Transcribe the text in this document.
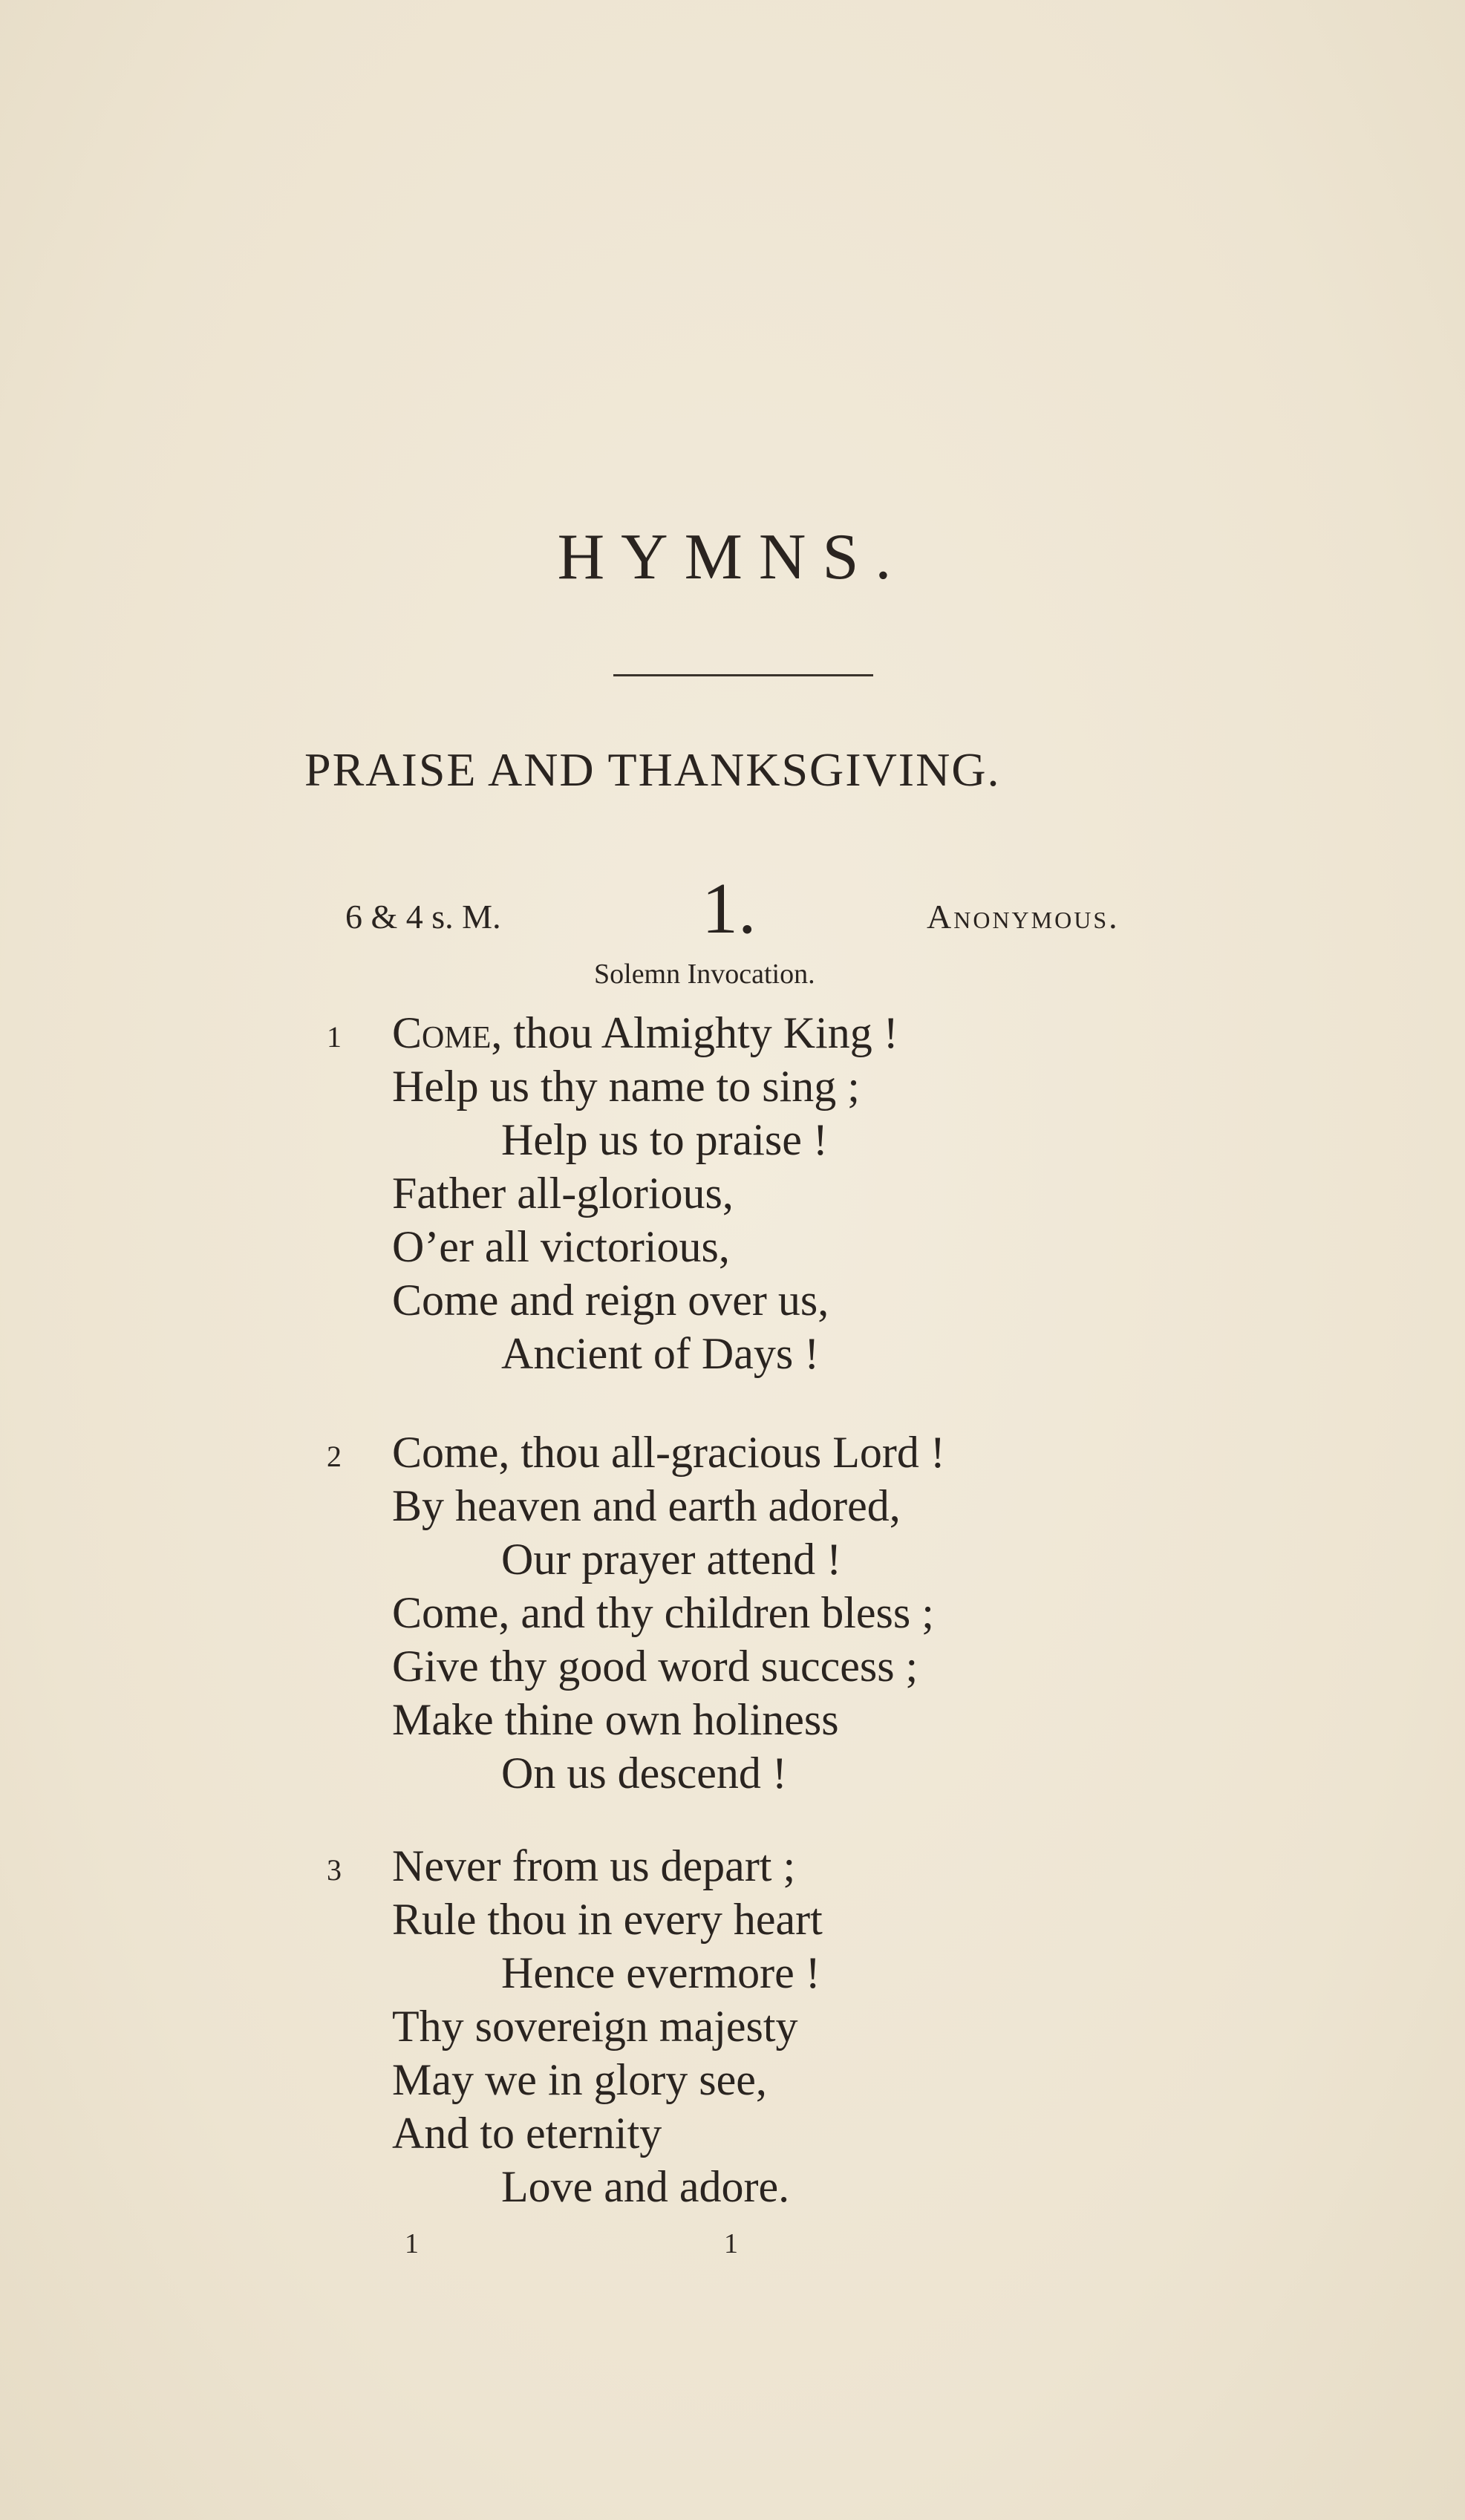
HYMNS.
PRAISE AND THANKSGIVING.
6 & 4 s. M.	1.	Anonymous.
Solemn Invocation.
1 Come, thou Almighty King !
Help us thy name to sing ;
Help us to praise !
Father all-glorious,
O’er all victorious,
Come and reign over us,
Ancient of Days !
2 Come, thou all-gracious Lord !
By heaven and earth adored,
Our prayer attend !
Come, and thy children bless ;
Give thy good word success ;
Make thine own holiness
On us descend !
3 Never from us depart ;
Rule thou in every heart
Hence evermore !
Thy sovereign majesty
May we in glory see,
And to eternity
Love and adore.
1	1
